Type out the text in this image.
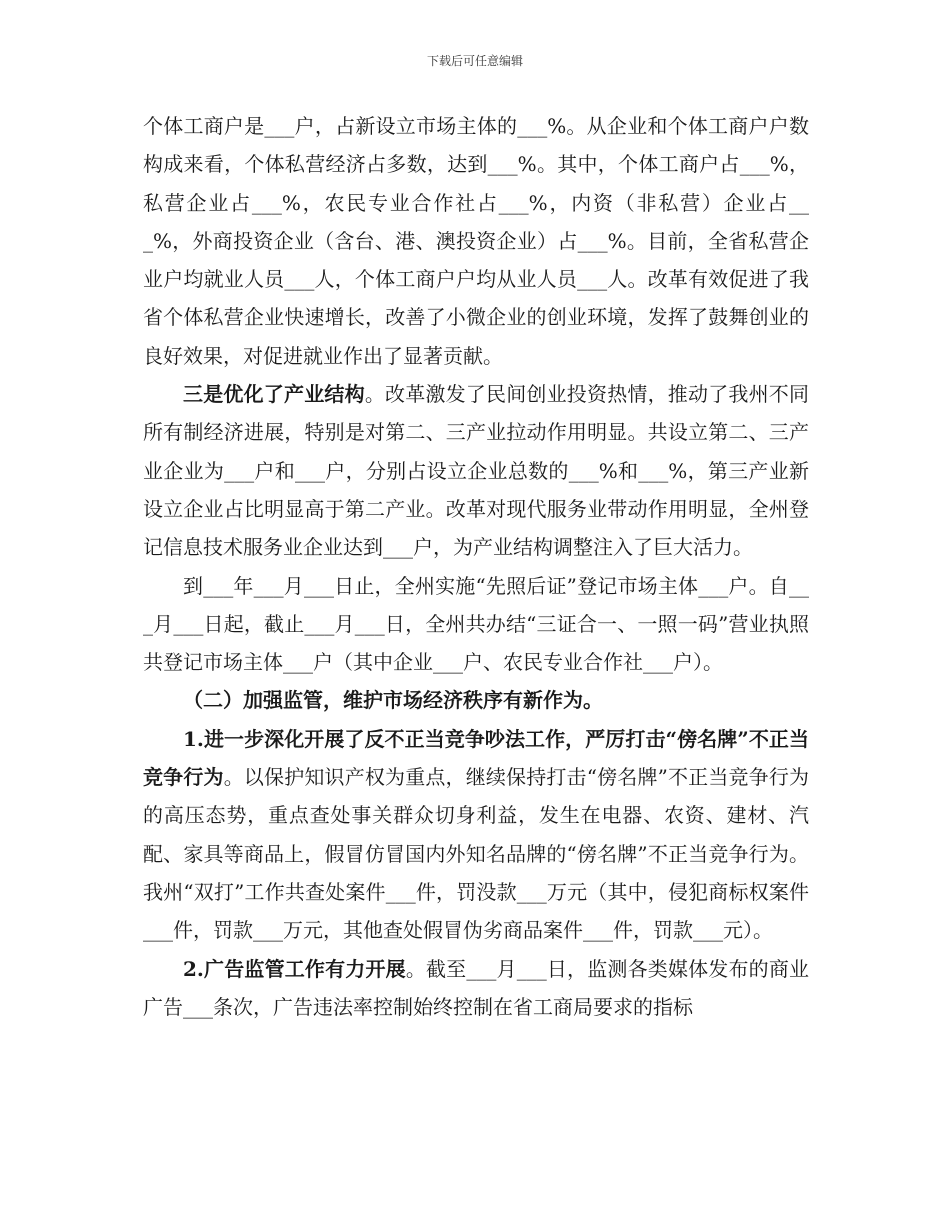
下载后可任意编辑

个体工商户是___户，占新设立市场主体的___%。从企业和个体工商户户数构成来看，个体私营经济占多数，达到___%。其中，个体工商户占___%，私营企业占___%，农民专业合作社占___%，内资（非私营）企业占___%，外商投资企业（含台、港、澳投资企业）占___%。目前，全省私营企业户均就业人员___人，个体工商户户均从业人员___人。改革有效促进了我省个体私营企业快速增长，改善了小微企业的创业环境，发挥了鼓舞创业的良好效果，对促进就业作出了显著贡献。

三是优化了产业结构。改革激发了民间创业投资热情，推动了我州不同所有制经济进展，特别是对第二、三产业拉动作用明显。共设立第二、三产业企业为___户和___户，分别占设立企业总数的___%和___%，第三产业新设立企业占比明显高于第二产业。改革对现代服务业带动作用明显，全州登记信息技术服务业企业达到___户，为产业结构调整注入了巨大活力。

到___年___月___日止，全州实施“先照后证”登记市场主体___户。自___月___日起，截止___月___日，全州共办结“三证合一、一照一码”营业执照共登记市场主体___户（其中企业___户、农民专业合作社___户）。

（二）加强监管，维护市场经济秩序有新作为。

1.进一步深化开展了反不正当竞争吵法工作，严厉打击“傍名牌”不正当竞争行为。以保护知识产权为重点，继续保持打击“傍名牌”不正当竞争行为的高压态势，重点查处事关群众切身利益，发生在电器、农资、建材、汽配、家具等商品上，假冒仿冒国内外知名品牌的“傍名牌”不正当竞争行为。我州“双打”工作共查处案件___件，罚没款___万元（其中，侵犯商标权案件___件，罚款___万元，其他查处假冒伪劣商品案件___件，罚款___元）。

2.广告监管工作有力开展。截至___月___日，监测各类媒体发布的商业广告___条次，广告违法率控制始终控制在省工商局要求的指标
